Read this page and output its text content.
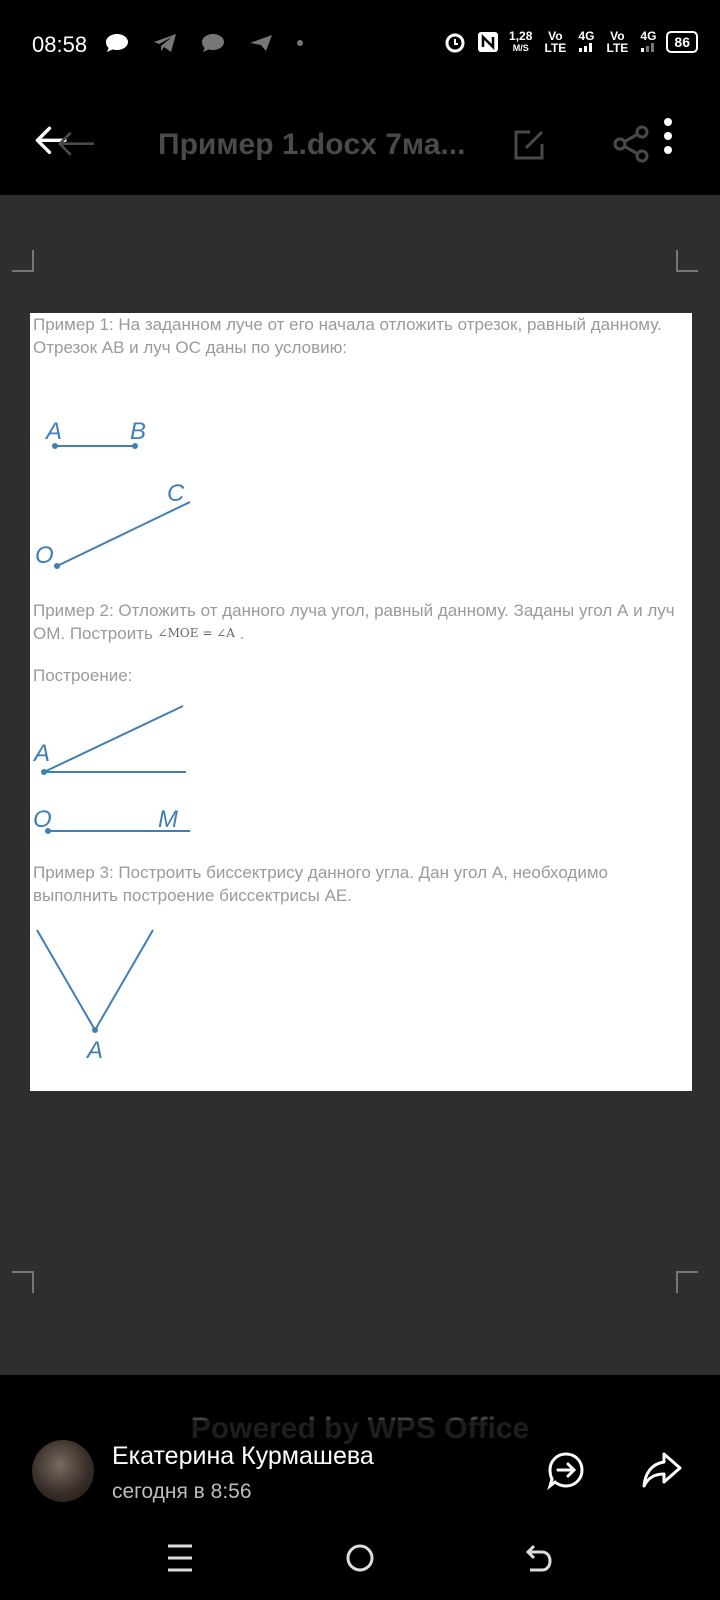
08:58	1,28
M/S
Vo LTE
4G	Vo LTE
4G	86
Пример 1.docx 7ма...
Пример 1: На заданном луче от его начала отложить отрезок, равный данному. Отрезок АВ и луч ОС даны по условию:
A	B
C
O
Пример 2: Отложить от данного луча угол, равный данному. Заданы угол А и луч ОМ. Построить ∠MOE = ∠A .
Построение:
A
O	M
Пример 3: Построить биссектрису данного угла. Дан угол А, необходимо выполнить построение биссектрисы АЕ.
A
Екатерина Курмашева
сегодня в 8:56
